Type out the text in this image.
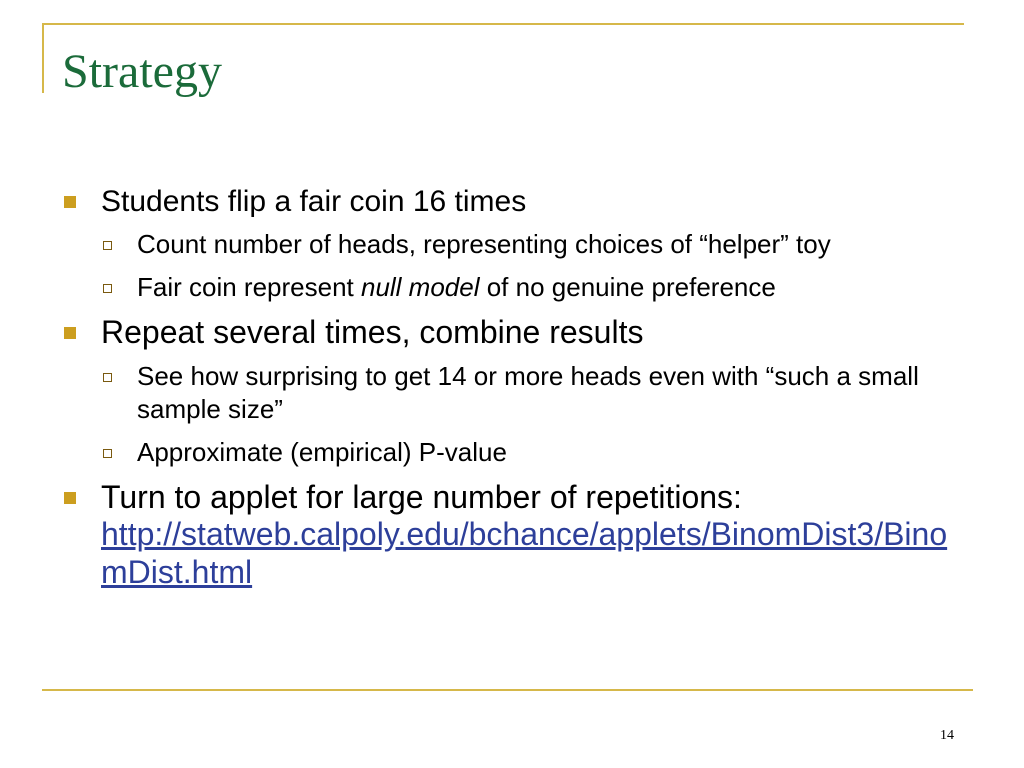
Strategy
Students flip a fair coin 16 times
Count number of heads, representing choices of “helper” toy
Fair coin represent null model of no genuine preference
Repeat several times, combine results
See how surprising to get 14 or more heads even with “such a small sample size”
Approximate (empirical) P-value
Turn to applet for large number of repetitions:
http://statweb.calpoly.edu/bchance/applets/BinomDist3/BinomDist.html
14
